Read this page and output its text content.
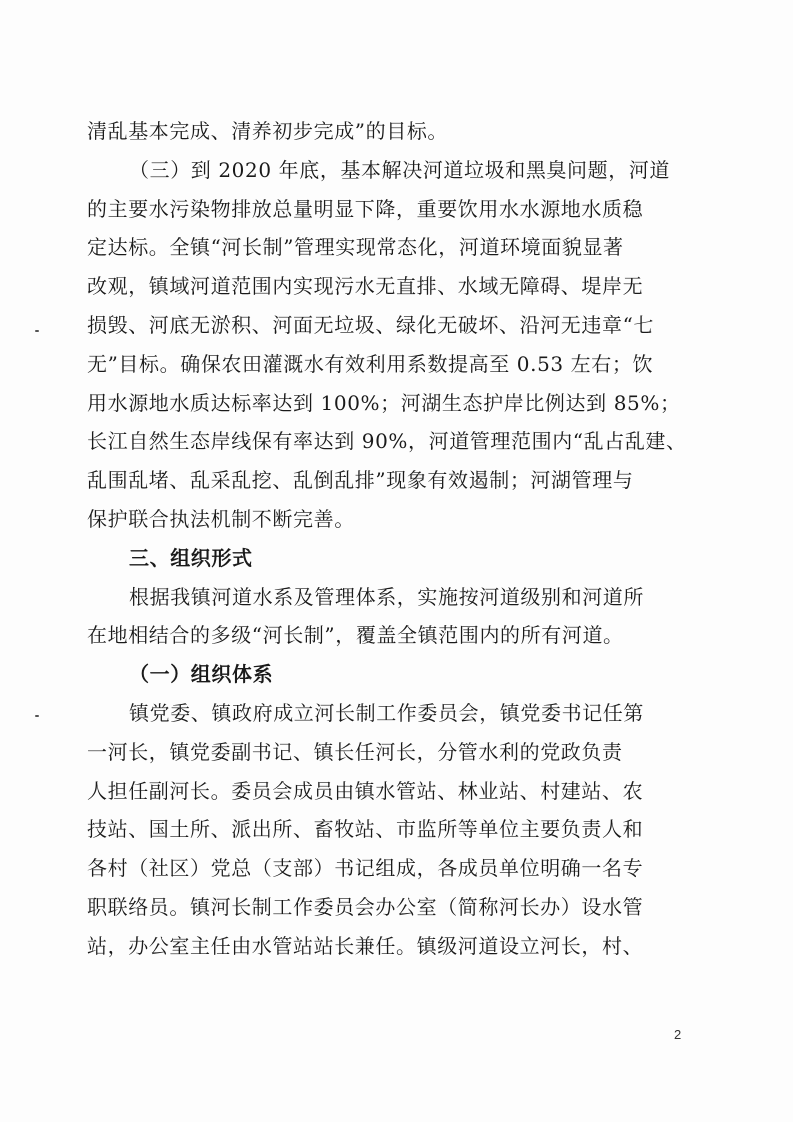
清乱基本完成、清养初步完成”的目标。
（三）到 2020 年底，基本解决河道垃圾和黑臭问题，河道
的主要水污染物排放总量明显下降，重要饮用水水源地水质稳
定达标。全镇“河长制”管理实现常态化，河道环境面貌显著
改观，镇域河道范围内实现污水无直排、水域无障碍、堤岸无
损毁、河底无淤积、河面无垃圾、绿化无破坏、沿河无违章“七
无”目标。确保农田灌溉水有效利用系数提高至 0.53 左右；饮
用水源地水质达标率达到 100%；河湖生态护岸比例达到 85%；
长江自然生态岸线保有率达到 90%，河道管理范围内“乱占乱建、
乱围乱堵、乱采乱挖、乱倒乱排”现象有效遏制；河湖管理与
保护联合执法机制不断完善。
三、组织形式
根据我镇河道水系及管理体系，实施按河道级别和河道所
在地相结合的多级“河长制”，覆盖全镇范围内的所有河道。
（一）组织体系
镇党委、镇政府成立河长制工作委员会，镇党委书记任第
一河长，镇党委副书记、镇长任河长，分管水利的党政负责
人担任副河长。委员会成员由镇水管站、林业站、村建站、农
技站、国土所、派出所、畜牧站、市监所等单位主要负责人和
各村（社区）党总（支部）书记组成，各成员单位明确一名专
职联络员。镇河长制工作委员会办公室（简称河长办）设水管
站，办公室主任由水管站站长兼任。镇级河道设立河长，村、
2
